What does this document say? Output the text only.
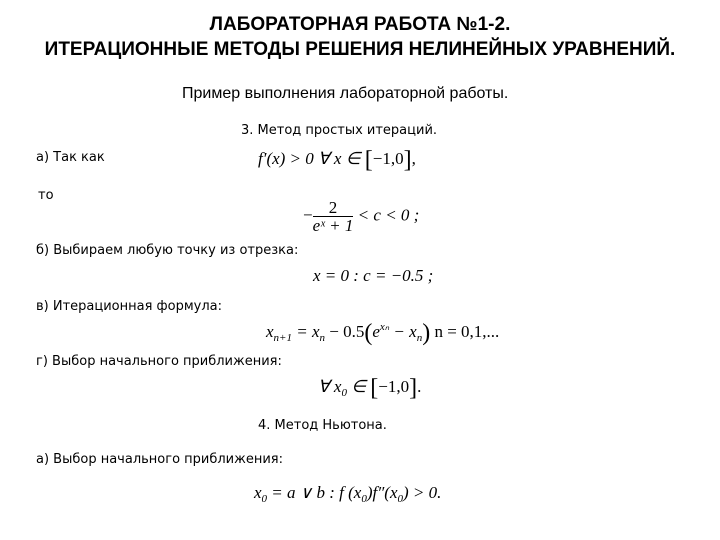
ЛАБОРАТОРНАЯ РАБОТА №1-2.
ИТЕРАЦИОННЫЕ МЕТОДЫ РЕШЕНИЯ НЕЛИНЕЙНЫХ УРАВНЕНИЙ.
Пример выполнения лабораторной работы.
3. Метод простых итераций.
а) Так как	f′(x) > 0 ∀ x ∈ [−1,0],
то
− $\frac{2}{\text{eˣ + 1}} < c < 0$ ;
б) Выбираем любую точку из отрезка:
x = 0 : c = −0.5 ;
в) Итерационная формула:
$x_{n+1} = x_n - 0.5(e^{x_n} - x_n) n = 0,1$,...
г) Выбор начального приближения:
∀ $x_0$ ∈ [−1,0].
4. Метод Ньютона.
а) Выбор начального приближения:
$x_0 = a$ ∨ b : f $(x_0)f''(x_0) > 0$.
